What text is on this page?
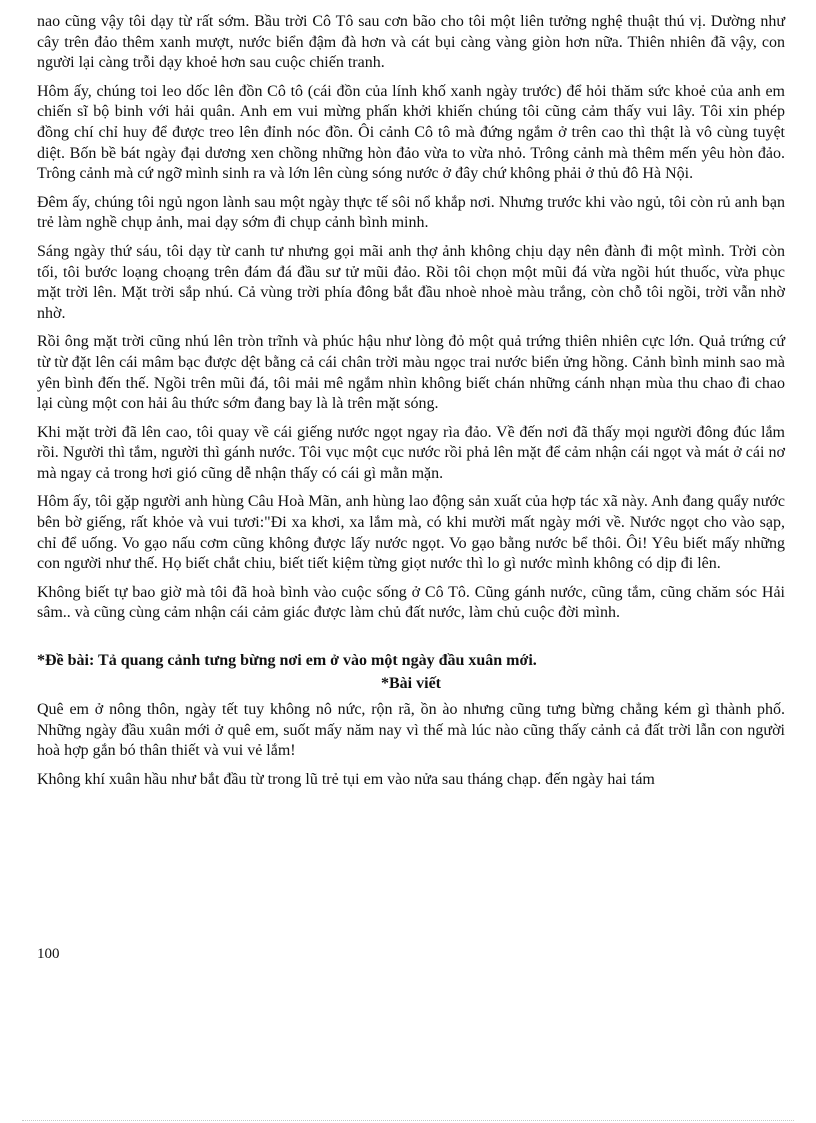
nao cũng vậy tôi dạy từ rất sớm. Bầu trời Cô Tô sau cơn bão cho tôi một liên tưởng nghệ thuật thú vị. Dường như cây trên đảo thêm xanh mượt, nước biển đậm đà hơn và cát bụi càng vàng giòn hơn nữa. Thiên nhiên đã vậy, con người lại càng trỗi dạy khoẻ hơn sau cuộc chiến tranh.

Hôm ấy, chúng toi leo dốc lên đồn Cô tô (cái đồn của lính khố xanh ngày trước) để hỏi thăm sức khoẻ của anh em chiến sĩ bộ binh với hải quân. Anh em vui mừng phấn khởi khiến chúng tôi cũng cảm thấy vui lây. Tôi xin phép đồng chí chỉ huy để được treo lên đỉnh nóc đồn. Ôi cảnh Cô tô mà đứng ngắm ở trên cao thì thật là vô cùng tuyệt diệt. Bốn bề bát ngày đại dương xen chồng những hòn đảo vừa to vừa nhỏ. Trông cảnh mà thêm mến yêu hòn đảo. Trông cảnh mà cứ ngỡ mình sinh ra và lớn lên cùng sóng nước ở đây chứ không phải ở thủ đô Hà Nội.

Đêm ấy, chúng tôi ngủ ngon lành sau một ngày thực tế sôi nổ khắp nơi. Nhưng trước khi vào ngủ, tôi còn rủ anh bạn trẻ làm nghề chụp ảnh, mai dạy sớm đi chụp cảnh bình minh.

Sáng ngày thứ sáu, tôi dạy từ canh tư nhưng gọi mãi anh thợ ảnh không chịu dạy nên đành đi một mình. Trời còn tối, tôi bước loạng choạng trên đám đá đầu sư tử mũi đảo. Rồi tôi chọn một mũi đá vừa ngồi hút thuốc, vừa phục mặt trời lên. Mặt trời sắp nhú. Cả vùng trời phía đông bắt đầu nhoè nhoè màu trắng, còn chỗ tôi ngồi, trời vẫn nhờ nhờ.

Rồi ông mặt trời cũng nhú lên tròn trĩnh và phúc hậu như lòng đỏ một quả trứng thiên nhiên cực lớn. Quả trứng cứ từ từ đặt lên cái mâm bạc được dệt bằng cả cái chân trời màu ngọc trai nước biển ửng hồng. Cảnh bình minh sao mà yên bình đến thế. Ngồi trên mũi đá, tôi mải mê ngắm nhìn không biết chán những cánh nhạn mùa thu chao đi chao lại cùng một con hải âu thức sớm đang bay là là trên mặt sóng.

Khi mặt trời đã lên cao, tôi quay về cái giếng nước ngọt ngay rìa đảo. Về đến nơi đã thấy mọi người đông đúc lắm rồi. Người thì tắm, người thì gánh nước. Tôi vục một cục nước rồi phả lên mặt để cảm nhận cái ngọt và mát ở cái nơ mà ngay cả trong hơi gió cũng dễ nhận thấy có cái gì mằn mặn.

Hôm ấy, tôi gặp người anh hùng Câu Hoà Mãn, anh hùng lao động sản xuất của hợp tác xã này. Anh đang quẩy nước bên bờ giếng, rất khỏe và vui tươi:"Đi xa khơi, xa lắm mà, có khi mười mất ngày mới về. Nước ngọt cho vào sạp, chỉ để uống. Vo gạo nấu cơm cũng không được lấy nước ngọt. Vo gạo bằng nước bể thôi. Ôi! Yêu biết mấy những con người như thế. Họ biết chắt chiu, biết tiết kiệm từng giọt nước thì lo gì nước mình không có dịp đi lên.

Không biết tự bao giờ mà tôi đã hoà bình vào cuộc sống ở Cô Tô. Cũng gánh nước, cũng tắm, cũng chăm sóc Hải sâm.. và cũng cùng cảm nhận cái cảm giác được làm chủ đất nước, làm chủ cuộc đời mình.

*Đề bài: Tả quang cảnh tưng bừng nơi em ở vào một ngày đầu xuân mới.

*Bài viết

Quê em ở nông thôn, ngày tết tuy không nô nức, rộn rã, ồn ào nhưng cũng tưng bừng chẳng kém gì thành phố. Những ngày đầu xuân mới ở quê em, suốt mấy năm nay vì thế mà lúc nào cũng thấy cảnh cả đất trời lẫn con người hoà hợp gắn bó thân thiết và vui vẻ lắm!

Không khí xuân hầu như bắt đầu từ trong lũ trẻ tụi em vào nửa sau tháng chạp. đến ngày hai tám

100
